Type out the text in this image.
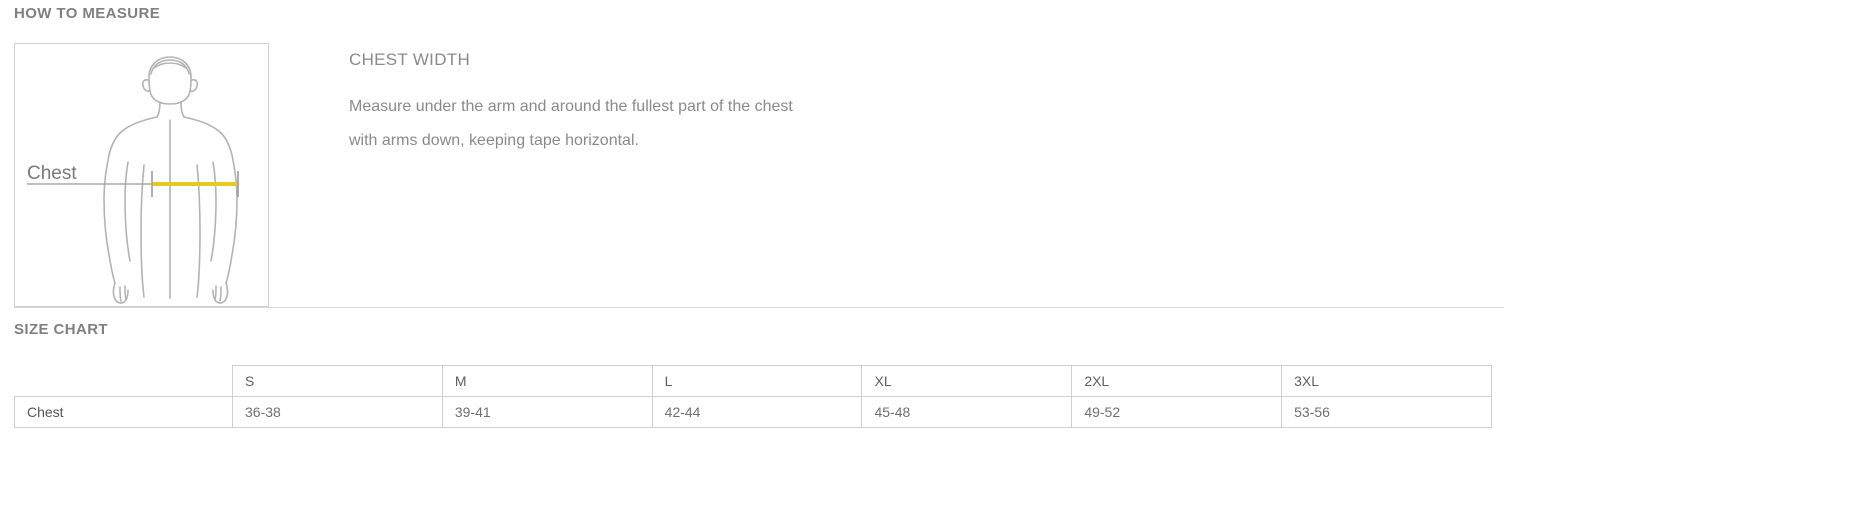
HOW TO MEASURE
Chest
CHEST WIDTH
Measure under the arm and around the fullest part of the chest
with arms down, keeping tape horizontal.
SIZE CHART
	S	M	L	XL	2XL	3XL
Chest	36-38	39-41	42-44	45-48	49-52	53-56
